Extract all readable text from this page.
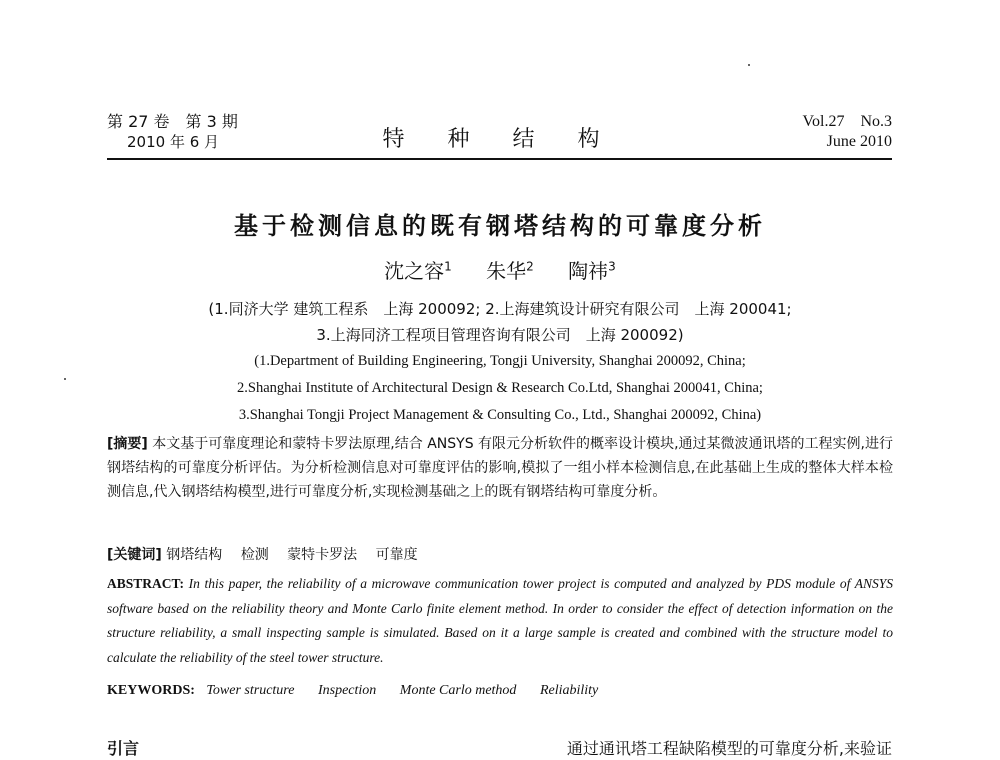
第 27 卷　第 3 期
2010 年 6 月	特 种 结 构
Vol.27　No.3
June 2010
基于检测信息的既有钢塔结构的可靠度分析
沈之容$^1$ 朱华$^2$ 陶祎$^3$
(1.同济大学 建筑工程系　上海 200092; 2.上海建筑设计研究有限公司　上海 200041;
3.上海同济工程项目管理咨询有限公司　上海 200092)
(1.Department of Building Engineering, Tongji University, Shanghai 200092, China;
2.Shanghai Institute of Architectural Design & Research Co.Ltd, Shanghai 200041, China;
3.Shanghai Tongji Project Management & Consulting Co., Ltd., Shanghai 200092, China)
[摘要] 本文基于可靠度理论和蒙特卡罗法原理,结合 ANSYS 有限元分析软件的概率设计模块,通过某微波通讯塔的工程实例,进行钢塔结构的可靠度分析评估。为分析检测信息对可靠度评估的影响,模拟了一组小样本检测信息,在此基础上生成的整体大样本检测信息,代入钢塔结构模型,进行可靠度分析,实现检测基础之上的既有钢塔结构可靠度分析。
[关键词] 钢塔结构 检测 蒙特卡罗法 可靠度
ABSTRACT: In this paper, the reliability of a microwave communication tower project is computed and analyzed by PDS module of ANSYS software based on the reliability theory and Monte Carlo finite element method. In order to consider the effect of detection information on the structure reliability, a small inspecting sample is simulated. Based on it a large sample is created and combined with the structure model to calculate the reliability of the steel tower structure.
KEYWORDS: Tower structure Inspection Monte Carlo method Reliability
引言	通过通讯塔工程缺陷模型的可靠度分析,来验证
